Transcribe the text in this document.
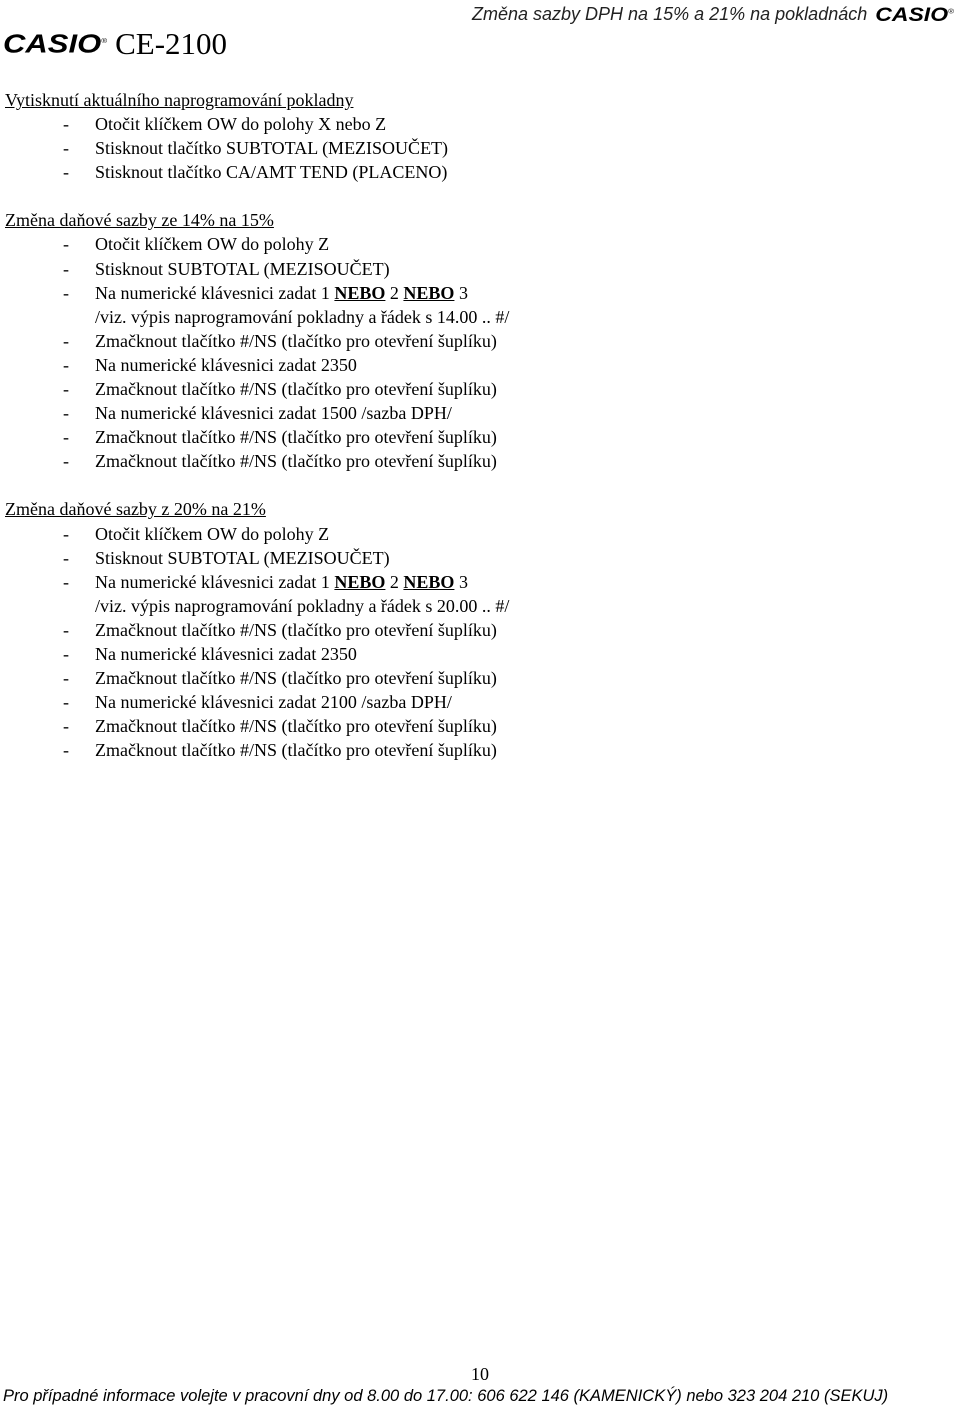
Změna sazby DPH na 15% a 21% na pokladnách CASIO®
CASIO® CE-2100
Vytisknutí aktuálního naprogramování pokladny
- Otočit klíčkem OW do polohy X nebo Z
- Stisknout tlačítko SUBTOTAL (MEZISOUČET)
- Stisknout tlačítko CA/AMT TEND (PLACENO)
Změna daňové sazby ze 14% na 15%
- Otočit klíčkem OW do polohy Z
- Stisknout SUBTOTAL (MEZISOUČET)
- Na numerické klávesnici zadat 1 NEBO 2 NEBO 3
/viz. výpis naprogramování pokladny a řádek s 14.00 .. #/
- Zmačknout tlačítko #/NS (tlačítko pro otevření šuplíku)
- Na numerické klávesnici zadat 2350
- Zmačknout tlačítko #/NS (tlačítko pro otevření šuplíku)
- Na numerické klávesnici zadat 1500 /sazba DPH/
- Zmačknout tlačítko #/NS (tlačítko pro otevření šuplíku)
- Zmačknout tlačítko #/NS (tlačítko pro otevření šuplíku)
Změna daňové sazby z 20% na 21%
- Otočit klíčkem OW do polohy Z
- Stisknout SUBTOTAL (MEZISOUČET)
- Na numerické klávesnici zadat 1 NEBO 2 NEBO 3
/viz. výpis naprogramování pokladny a řádek s 20.00 .. #/
- Zmačknout tlačítko #/NS (tlačítko pro otevření šuplíku)
- Na numerické klávesnici zadat 2350
- Zmačknout tlačítko #/NS (tlačítko pro otevření šuplíku)
- Na numerické klávesnici zadat 2100 /sazba DPH/
- Zmačknout tlačítko #/NS (tlačítko pro otevření šuplíku)
- Zmačknout tlačítko #/NS (tlačítko pro otevření šuplíku)
10
Pro případné informace volejte v pracovní dny od 8.00 do 17.00: 606 622 146 (KAMENICKÝ) nebo 323 204 210 (SEKUJ)
